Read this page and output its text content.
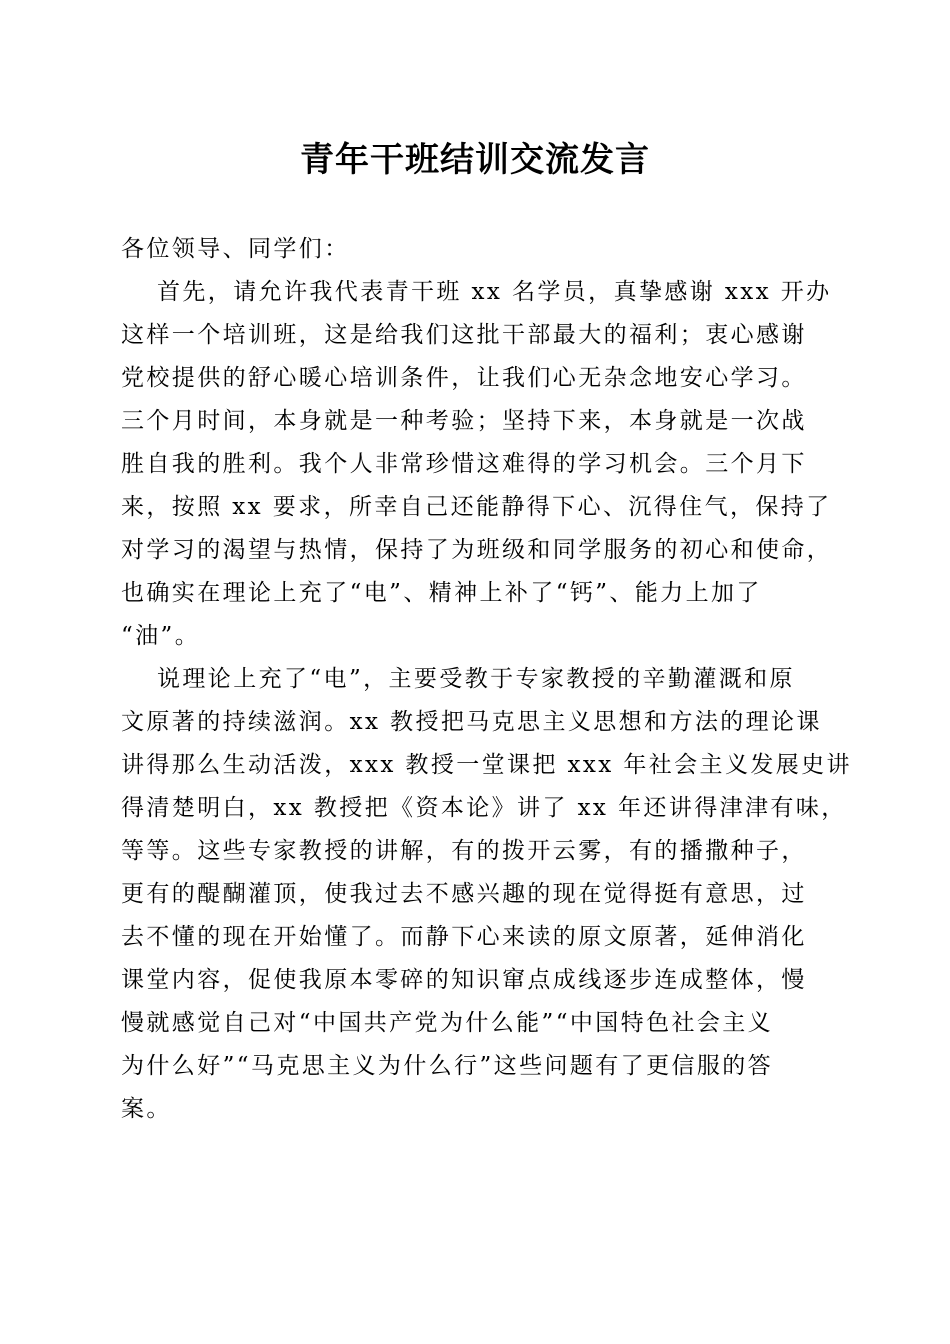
青年干班结训交流发言
各位领导、同学们：
首先，请允许我代表青干班 xx 名学员，真挚感谢 xxx 开办
这样一个培训班，这是给我们这批干部最大的福利；衷心感谢
党校提供的舒心暖心培训条件，让我们心无杂念地安心学习。
三个月时间，本身就是一种考验；坚持下来，本身就是一次战
胜自我的胜利。我个人非常珍惜这难得的学习机会。三个月下
来，按照 xx 要求，所幸自己还能静得下心、沉得住气，保持了
对学习的渴望与热情，保持了为班级和同学服务的初心和使命，
也确实在理论上充了“电”、精神上补了“钙”、能力上加了
“油”。
说理论上充了“电”，主要受教于专家教授的辛勤灌溉和原
文原著的持续滋润。xx 教授把马克思主义思想和方法的理论课
讲得那么生动活泼，xxx 教授一堂课把 xxx 年社会主义发展史讲
得清楚明白，xx 教授把《资本论》讲了 xx 年还讲得津津有味，
等等。这些专家教授的讲解，有的拨开云雾，有的播撒种子，
更有的醍醐灌顶，使我过去不感兴趣的现在觉得挺有意思，过
去不懂的现在开始懂了。而静下心来读的原文原著，延伸消化
课堂内容，促使我原本零碎的知识窜点成线逐步连成整体，慢
慢就感觉自己对“中国共产党为什么能”“中国特色社会主义
为什么好”“马克思主义为什么行”这些问题有了更信服的答
案。
